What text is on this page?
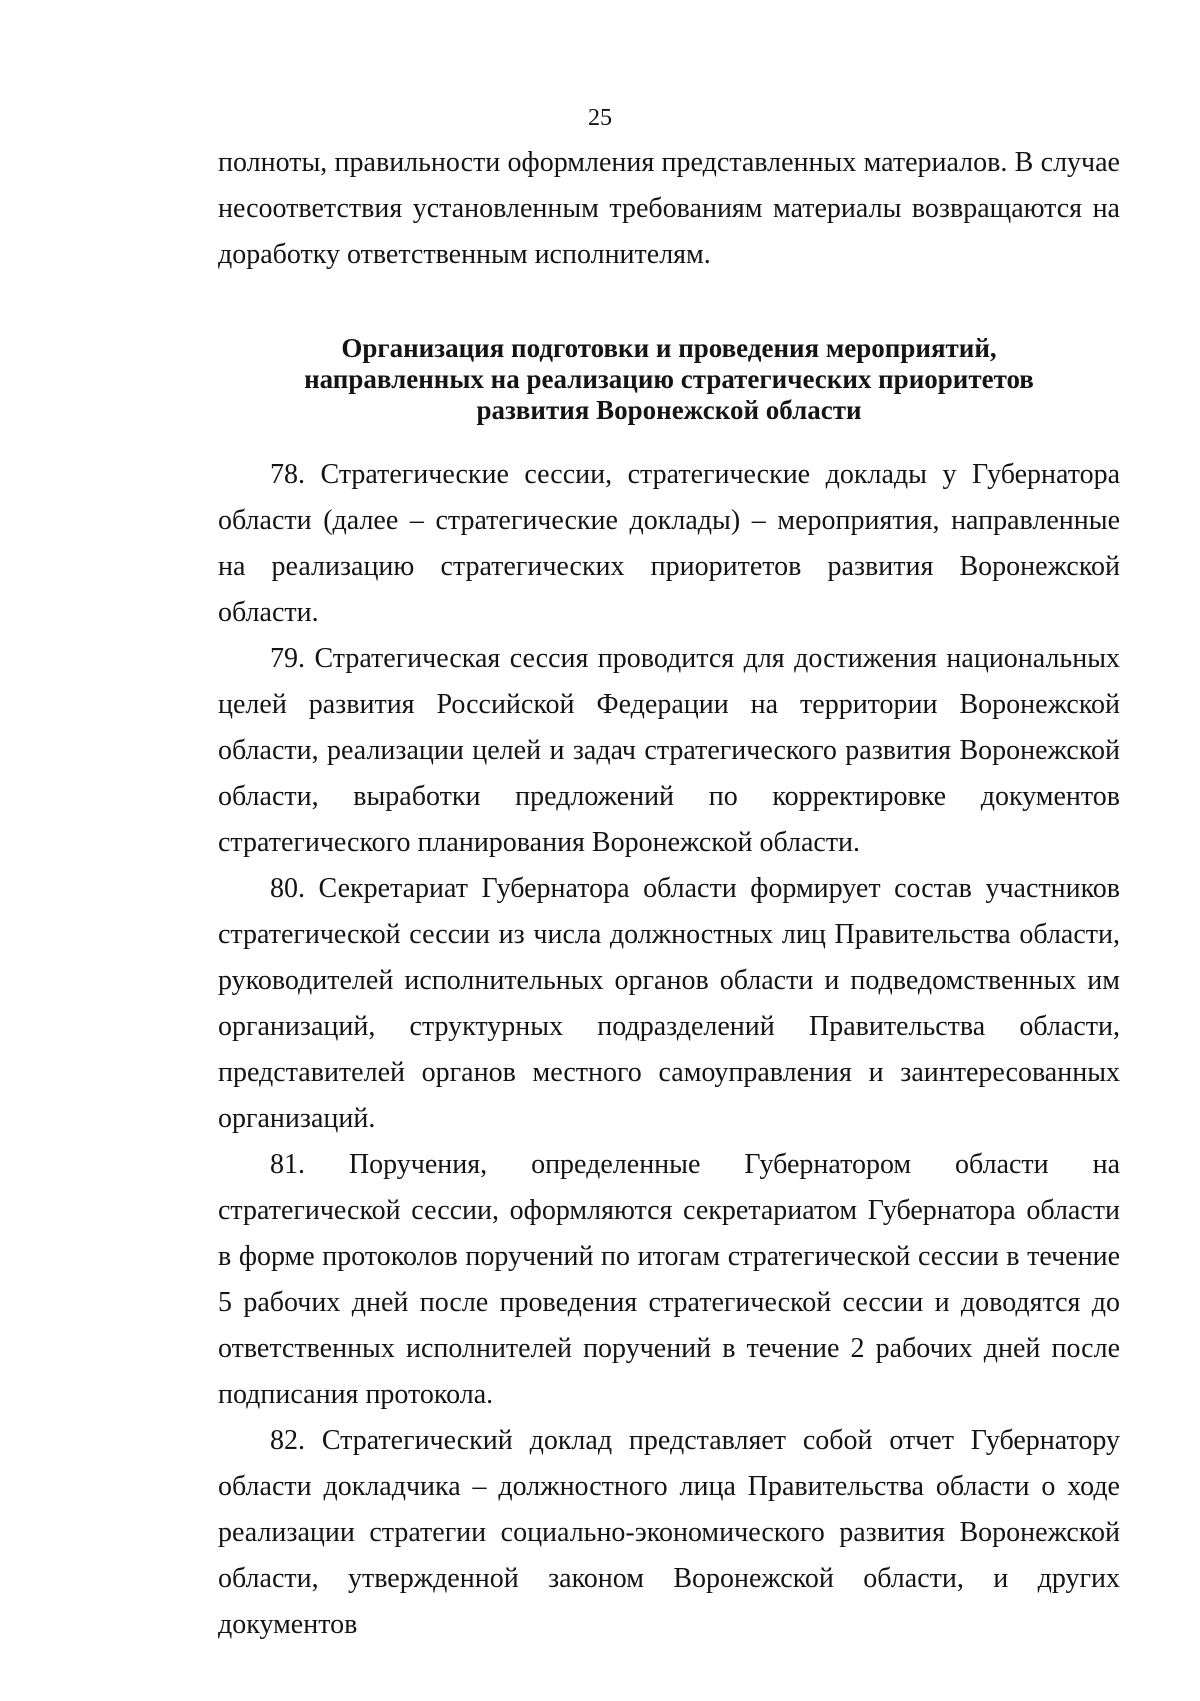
25

полноты, правильности оформления представленных материалов. В случае несоответствия установленным требованиям материалы возвращаются на доработку ответственным исполнителям.

Организация подготовки и проведения мероприятий,
направленных на реализацию стратегических приоритетов
развития Воронежской области

78. Стратегические сессии, стратегические доклады у Губернатора области (далее – стратегические доклады) – мероприятия, направленные на реализацию стратегических приоритетов развития Воронежской области.

79. Стратегическая сессия проводится для достижения национальных целей развития Российской Федерации на территории Воронежской области, реализации целей и задач стратегического развития Воронежской области, выработки предложений по корректировке документов стратегического планирования Воронежской области.

80. Секретариат Губернатора области формирует состав участников стратегической сессии из числа должностных лиц Правительства области, руководителей исполнительных органов области и подведомственных им организаций, структурных подразделений Правительства области, представителей органов местного самоуправления и заинтересованных организаций.

81. Поручения, определенные Губернатором области на стратегической сессии, оформляются секретариатом Губернатора области в форме протоколов поручений по итогам стратегической сессии в течение 5 рабочих дней после проведения стратегической сессии и доводятся до ответственных исполнителей поручений в течение 2 рабочих дней после подписания протокола.

82. Стратегический доклад представляет собой отчет Губернатору области докладчика – должностного лица Правительства области о ходе реализации стратегии социально-экономического развития Воронежской области, утвержденной законом Воронежской области, и других документов
